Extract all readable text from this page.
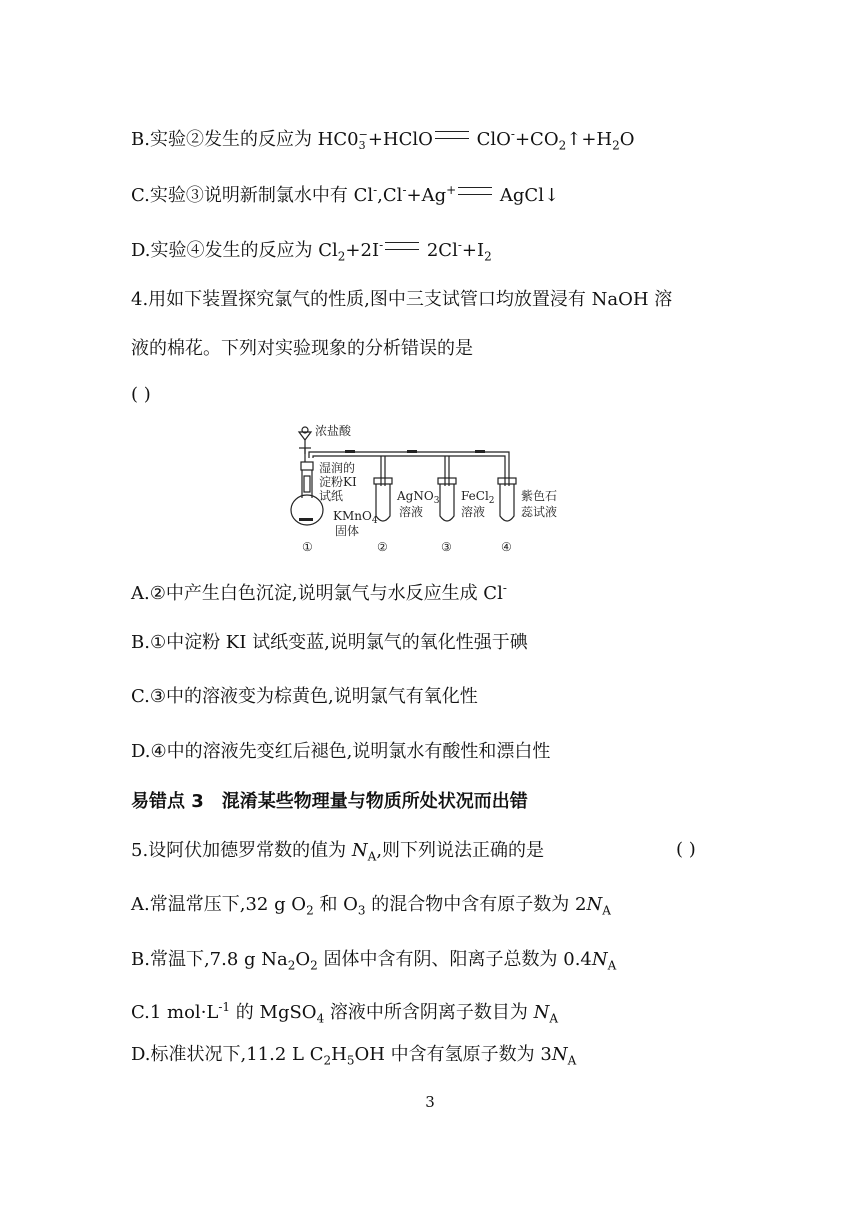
B.实验②发生的反应为 HC0 −
3 +HClO $ClO^-+CO_2↑+H_2O$
C.实验③说明新制氯水中有 Cl-,Cl-+Ag+ AgCl↓
D.实验④发生的反应为 $Cl_2+2I^-$ $2Cl^-+I_2$
4.用如下装置探究氯气的性质,图中三支试管口均放置浸有 NaOH 溶
液的棉花。下列对实验现象的分析错误的是
( )
浓盐酸
湿润的
淀粉KI
试纸
KMnO$_4$
固体
AgNO$_3$
溶液
FeCl$_2$
溶液
紫色石
蕊试液
①	②	③	④
A.②中产生白色沉淀,说明氯气与水反应生成 Cl-
B.①中淀粉 KI 试纸变蓝,说明氯气的氧化性强于碘
C.③中的溶液变为棕黄色,说明氯气有氧化性
D.④中的溶液先变红后褪色,说明氯水有酸性和漂白性
易错点 3 混淆某些物理量与物质所处状况而出错
5.设阿伏加德罗常数的值为 $N_A$,则下列说法正确的是	( )
A.常温常压下,32 g $O_2$ 和 $O_3$ 的混合物中含有原子数为 $2N_A$
B.常温下,7.8 g $Na_2O_2$ 固体中含有阴、阳离子总数为 $0.4N_A$
C.1 $mol\cdot L^{-1}$ 的 MgSO$_4$ 溶液中所含阴离子数目为 $N_A$
D.标准状况下,11.2 L $C_2H_5OH$ 中含有氢原子数为 $3N_A$
3
